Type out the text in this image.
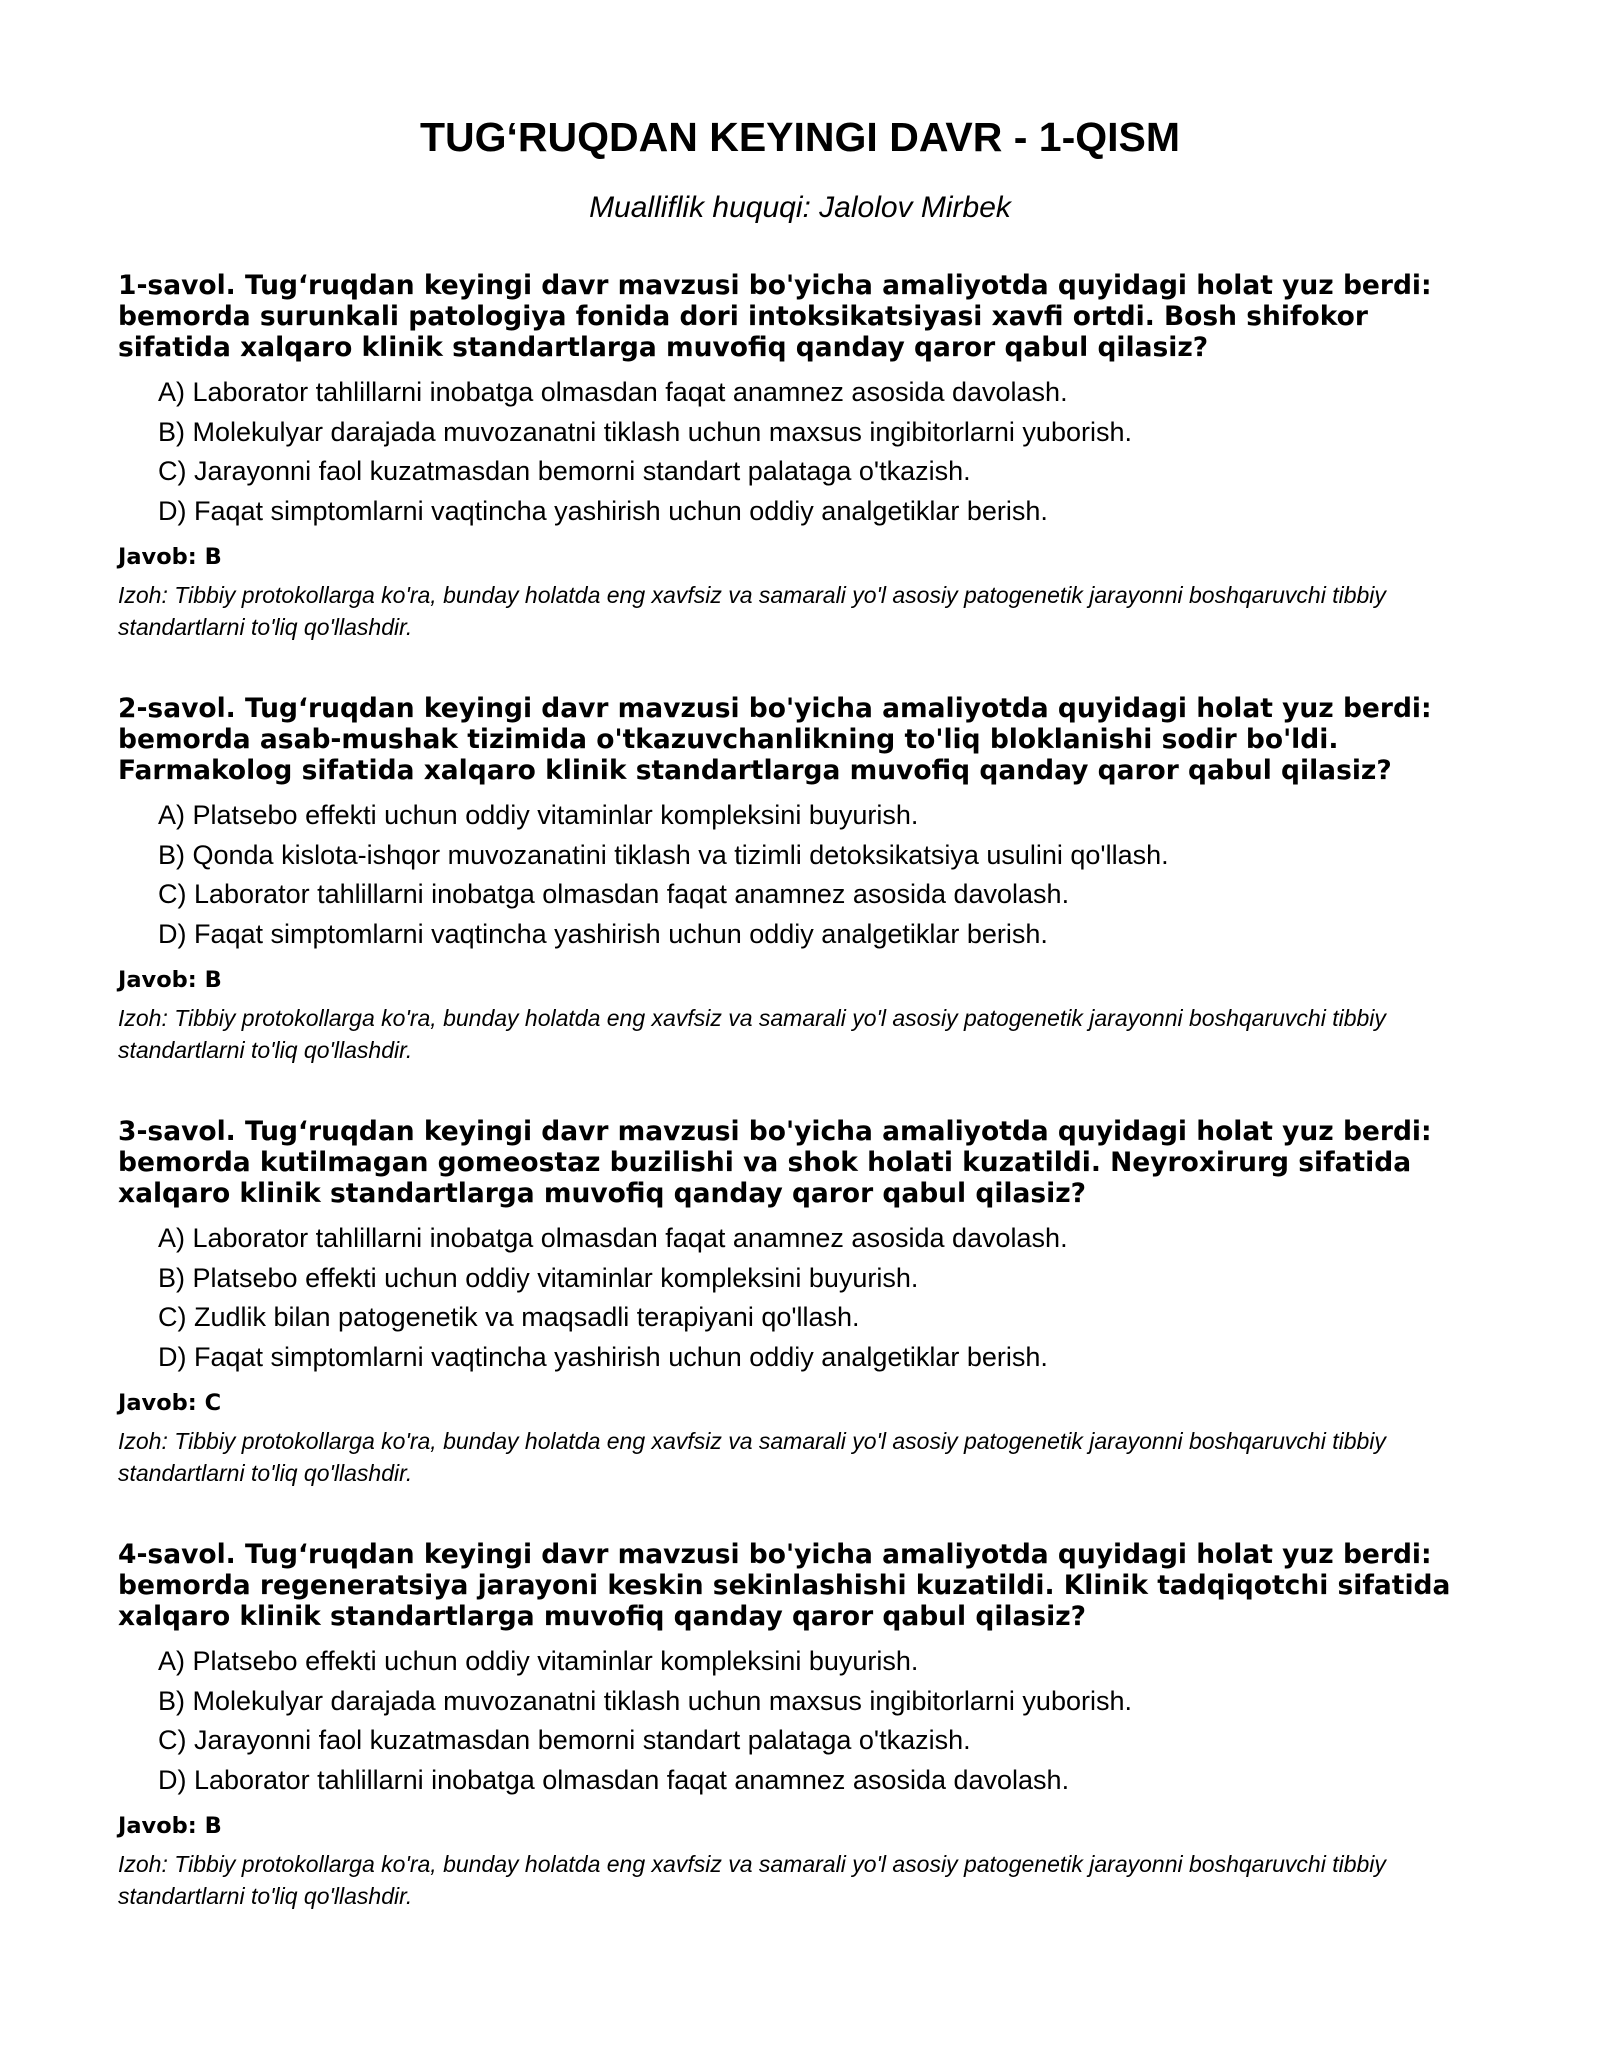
TUG‘RUQDAN KEYINGI DAVR - 1-QISM

Mualliflik huquqi: Jalolov Mirbek

1-savol. Tug‘ruqdan keyingi davr mavzusi bo'yicha amaliyotda quyidagi holat yuz berdi: bemorda surunkali patologiya fonida dori intoksikatsiyasi xavfi ortdi. Bosh shifokor sifatida xalqaro klinik standartlarga muvofiq qanday qaror qabul qilasiz?

A) Laborator tahlillarni inobatga olmasdan faqat anamnez asosida davolash.
B) Molekulyar darajada muvozanatni tiklash uchun maxsus ingibitorlarni yuborish.
C) Jarayonni faol kuzatmasdan bemorni standart palataga o'tkazish.
D) Faqat simptomlarni vaqtincha yashirish uchun oddiy analgetiklar berish.

Javob: B

Izoh: Tibbiy protokollarga ko'ra, bunday holatda eng xavfsiz va samarali yo'l asosiy patogenetik jarayonni boshqaruvchi tibbiy standartlarni to'liq qo'llashdir.

2-savol. Tug‘ruqdan keyingi davr mavzusi bo'yicha amaliyotda quyidagi holat yuz berdi: bemorda asab-mushak tizimida o'tkazuvchanlikning to'liq bloklanishi sodir bo'ldi. Farmakolog sifatida xalqaro klinik standartlarga muvofiq qanday qaror qabul qilasiz?

A) Platsebo effekti uchun oddiy vitaminlar kompleksini buyurish.
B) Qonda kislota-ishqor muvozanatini tiklash va tizimli detoksikatsiya usulini qo'llash.
C) Laborator tahlillarni inobatga olmasdan faqat anamnez asosida davolash.
D) Faqat simptomlarni vaqtincha yashirish uchun oddiy analgetiklar berish.

Javob: B

Izoh: Tibbiy protokollarga ko'ra, bunday holatda eng xavfsiz va samarali yo'l asosiy patogenetik jarayonni boshqaruvchi tibbiy standartlarni to'liq qo'llashdir.

3-savol. Tug‘ruqdan keyingi davr mavzusi bo'yicha amaliyotda quyidagi holat yuz berdi: bemorda kutilmagan gomeostaz buzilishi va shok holati kuzatildi. Neyroxirurg sifatida xalqaro klinik standartlarga muvofiq qanday qaror qabul qilasiz?

A) Laborator tahlillarni inobatga olmasdan faqat anamnez asosida davolash.
B) Platsebo effekti uchun oddiy vitaminlar kompleksini buyurish.
C) Zudlik bilan patogenetik va maqsadli terapiyani qo'llash.
D) Faqat simptomlarni vaqtincha yashirish uchun oddiy analgetiklar berish.

Javob: C

Izoh: Tibbiy protokollarga ko'ra, bunday holatda eng xavfsiz va samarali yo'l asosiy patogenetik jarayonni boshqaruvchi tibbiy standartlarni to'liq qo'llashdir.

4-savol. Tug‘ruqdan keyingi davr mavzusi bo'yicha amaliyotda quyidagi holat yuz berdi: bemorda regeneratsiya jarayoni keskin sekinlashishi kuzatildi. Klinik tadqiqotchi sifatida xalqaro klinik standartlarga muvofiq qanday qaror qabul qilasiz?

A) Platsebo effekti uchun oddiy vitaminlar kompleksini buyurish.
B) Molekulyar darajada muvozanatni tiklash uchun maxsus ingibitorlarni yuborish.
C) Jarayonni faol kuzatmasdan bemorni standart palataga o'tkazish.
D) Laborator tahlillarni inobatga olmasdan faqat anamnez asosida davolash.

Javob: B

Izoh: Tibbiy protokollarga ko'ra, bunday holatda eng xavfsiz va samarali yo'l asosiy patogenetik jarayonni boshqaruvchi tibbiy standartlarni to'liq qo'llashdir.
